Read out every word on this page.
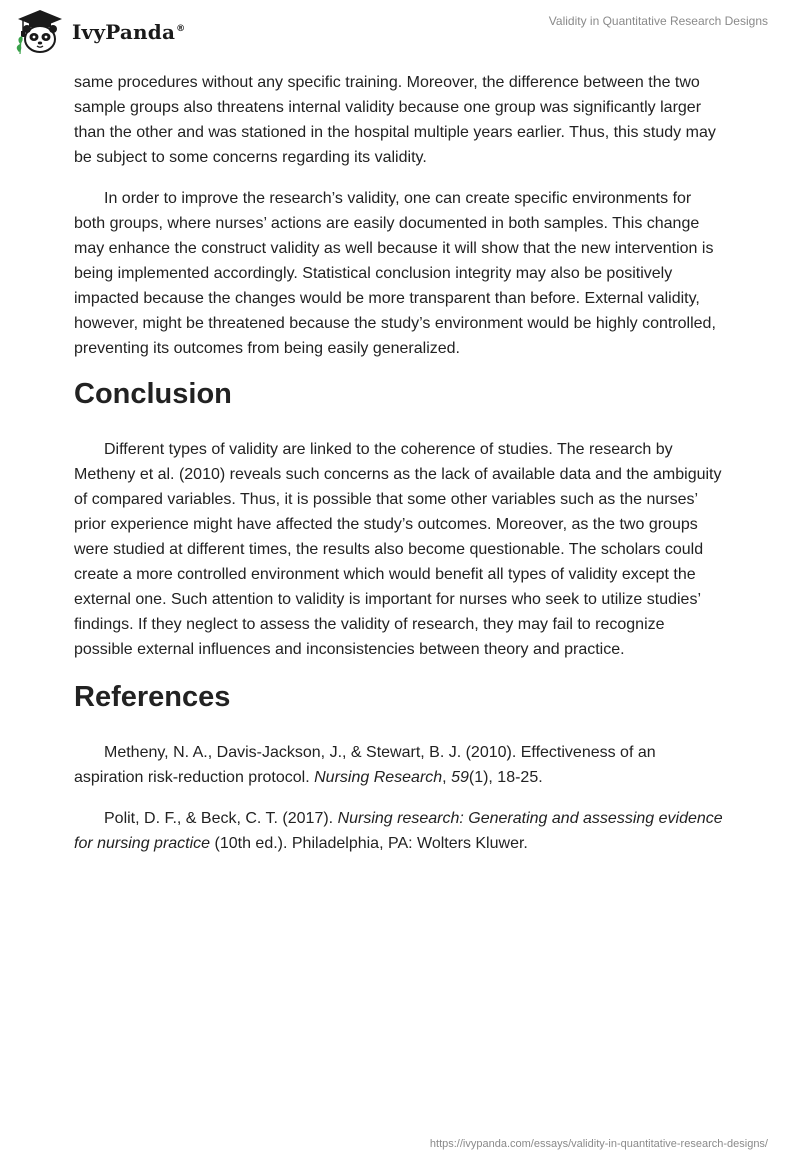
IvyPanda®
Validity in Quantitative Research Designs

same procedures without any specific training. Moreover, the difference between the two sample groups also threatens internal validity because one group was significantly larger than the other and was stationed in the hospital multiple years earlier. Thus, this study may be subject to some concerns regarding its validity.

In order to improve the research’s validity, one can create specific environments for both groups, where nurses’ actions are easily documented in both samples. This change may enhance the construct validity as well because it will show that the new intervention is being implemented accordingly. Statistical conclusion integrity may also be positively impacted because the changes would be more transparent than before. External validity, however, might be threatened because the study’s environment would be highly controlled, preventing its outcomes from being easily generalized.

Conclusion

Different types of validity are linked to the coherence of studies. The research by Metheny et al. (2010) reveals such concerns as the lack of available data and the ambiguity of compared variables. Thus, it is possible that some other variables such as the nurses’ prior experience might have affected the study’s outcomes. Moreover, as the two groups were studied at different times, the results also become questionable. The scholars could create a more controlled environment which would benefit all types of validity except the external one. Such attention to validity is important for nurses who seek to utilize studies’ findings. If they neglect to assess the validity of research, they may fail to recognize possible external influences and inconsistencies between theory and practice.

References

Metheny, N. A., Davis-Jackson, J., & Stewart, B. J. (2010). Effectiveness of an aspiration risk-reduction protocol. Nursing Research, 59(1), 18-25.

Polit, D. F., & Beck, C. T. (2017). Nursing research: Generating and assessing evidence for nursing practice (10th ed.). Philadelphia, PA: Wolters Kluwer.

https://ivypanda.com/essays/validity-in-quantitative-research-designs/
